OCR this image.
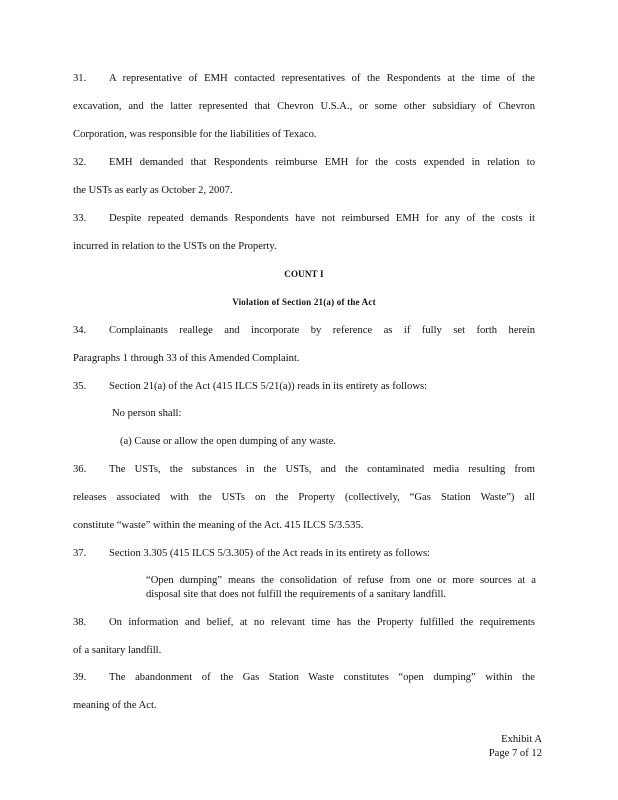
31. A representative of EMH contacted representatives of the Respondents at the time of the
excavation, and the latter represented that Chevron U.S.A., or some other subsidiary of Chevron
Corporation, was responsible for the liabilities of Texaco.
32. EMH demanded that Respondents reimburse EMH for the costs expended in relation to
the USTs as early as October 2, 2007.
33. Despite repeated demands Respondents have not reimbursed EMH for any of the costs it
incurred in relation to the USTs on the Property.
COUNT I
Violation of Section 21(a) of the Act
34. Complainants reallege and incorporate by reference as if fully set forth herein
Paragraphs 1 through 33 of this Amended Complaint.
35. Section 21(a) of the Act (415 ILCS 5/21(a)) reads in its entirety as follows:
No person shall:
(a) Cause or allow the open dumping of any waste.
36. The USTs, the substances in the USTs, and the contaminated media resulting from
releases associated with the USTs on the Property (collectively, “Gas Station Waste”) all
constitute “waste” within the meaning of the Act. 415 ILCS 5/3.535.
37. Section 3.305 (415 ILCS 5/3.305) of the Act reads in its entirety as follows:
“Open dumping” means the consolidation of refuse from one or more sources at a
disposal site that does not fulfill the requirements of a sanitary landfill.
38. On information and belief, at no relevant time has the Property fulfilled the requirements
of a sanitary landfill.
39. The abandonment of the Gas Station Waste constitutes “open dumping” within the
meaning of the Act.
Exhibit A
Page 7 of 12
